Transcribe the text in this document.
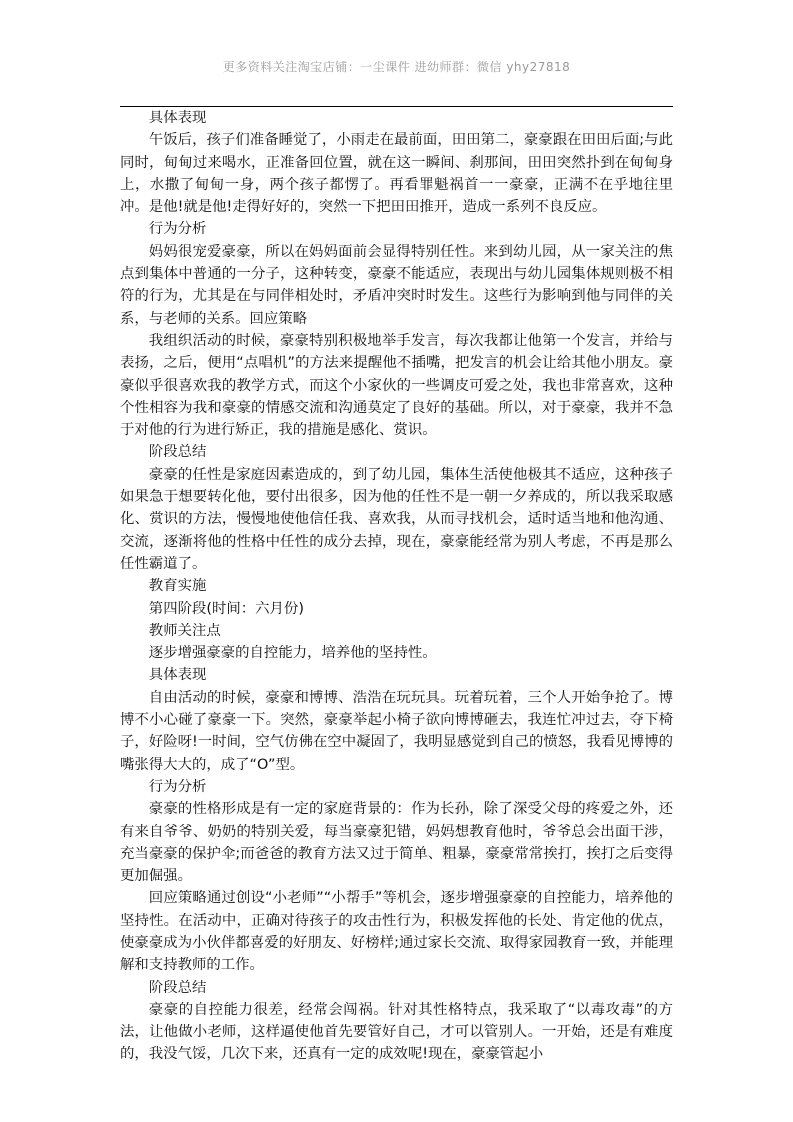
更多资料关注淘宝店铺：一尘课件 进幼师群：微信 yhy27818

具体表现

午饭后，孩子们准备睡觉了，小雨走在最前面，田田第二，豪豪跟在田田后面;与此同时，甸甸过来喝水，正准备回位置，就在这一瞬间、刹那间，田田突然扑到在甸甸身上，水撒了甸甸一身，两个孩子都愣了。再看罪魁祸首一一豪豪，正满不在乎地往里冲。是他!就是他!走得好好的，突然一下把田田推开，造成一系列不良反应。

行为分析

妈妈很宠爱豪豪，所以在妈妈面前会显得特别任性。来到幼儿园，从一家关注的焦点到集体中普通的一分子，这种转变，豪豪不能适应，表现出与幼儿园集体规则极不相符的行为，尤其是在与同伴相处时，矛盾冲突时时发生。这些行为影响到他与同伴的关系，与老师的关系。回应策略

我组织活动的时候，豪豪特别积极地举手发言，每次我都让他第一个发言，并给与表扬，之后，便用“点唱机”的方法来提醒他不插嘴，把发言的机会让给其他小朋友。豪豪似乎很喜欢我的教学方式，而这个小家伙的一些调皮可爱之处，我也非常喜欢，这种个性相容为我和豪豪的情感交流和沟通莫定了良好的基础。所以，对于豪豪，我并不急于对他的行为进行矫正，我的措施是感化、赏识。

阶段总结

豪豪的任性是家庭因素造成的，到了幼儿园，集体生活使他极其不适应，这种孩子如果急于想要转化他，要付出很多，因为他的任性不是一朝一夕养成的，所以我采取感化、赏识的方法，慢慢地使他信任我、喜欢我，从而寻找机会，适时适当地和他沟通、交流，逐渐将他的性格中任性的成分去掉，现在，豪豪能经常为别人考虑，不再是那么任性霸道了。

教育实施

第四阶段(时间：六月份)

教师关注点

逐步增强豪豪的自控能力，培养他的坚持性。

具体表现

自由活动的时候，豪豪和博博、浩浩在玩玩具。玩着玩着，三个人开始争抢了。博博不小心碰了豪豪一下。突然，豪豪举起小椅子欲向博博砸去，我连忙冲过去，夺下椅子，好险呀!一时间，空气仿佛在空中凝固了，我明显感觉到自己的愤怒，我看见博博的嘴张得大大的，成了“O”型。

行为分析

豪豪的性格形成是有一定的家庭背景的：作为长孙，除了深受父母的疼爱之外，还有来自爷爷、奶奶的特别关爱，每当豪豪犯错，妈妈想教育他时，爷爷总会出面干涉，充当豪豪的保护伞;而爸爸的教育方法又过于简单、粗暴，豪豪常常挨打，挨打之后变得更加倔强。

回应策略通过创设“小老师”“小帮手”等机会，逐步增强豪豪的自控能力，培养他的坚持性。在活动中，正确对待孩子的攻击性行为，积极发挥他的长处、肯定他的优点，使豪豪成为小伙伴都喜爱的好朋友、好榜样;通过家长交流、取得家园教育一致，并能理解和支持教师的工作。

阶段总结

豪豪的自控能力很差，经常会闯祸。针对其性格特点，我采取了“以毒攻毒”的方法，让他做小老师，这样逼使他首先要管好自己，才可以管别人。一开始，还是有难度的，我没气馁，几次下来，还真有一定的成效呢!现在，豪豪管起小
